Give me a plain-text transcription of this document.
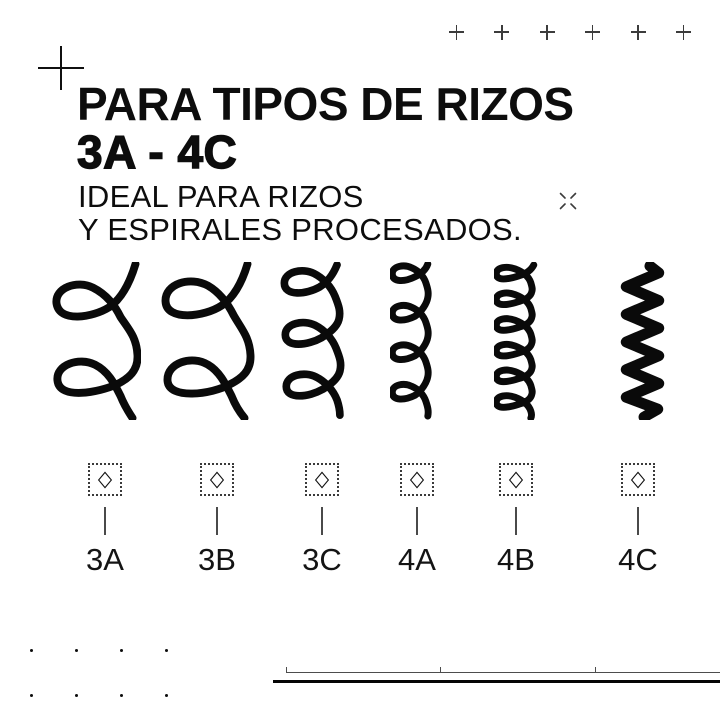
PARA TIPOS DE RIZOS
3A - 4C
IDEAL PARA RIZOS
Y ESPIRALES PROCESADOS.
3A 3B 3C 4A 4B	4C
